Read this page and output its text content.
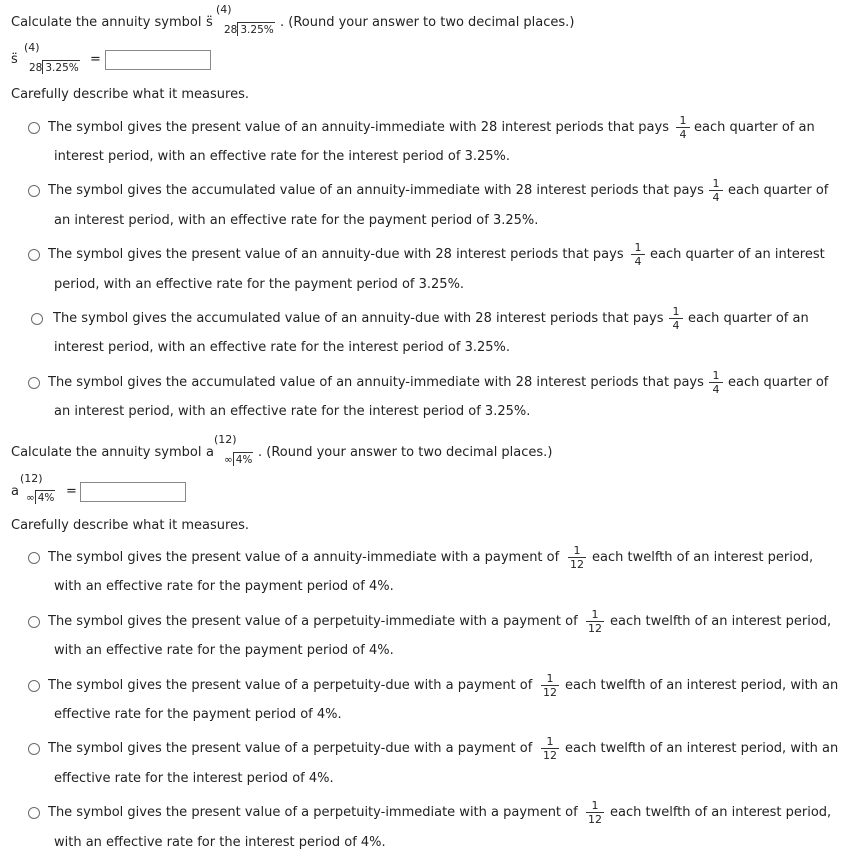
Calculate the annuity symbol s̈
(4)
28 3.25% . (Round your answer to two decimal places.)
(4)
s̈
28 3.25%
=
Carefully describe what it measures.
The symbol gives the present value of an annuity-immediate with 28 interest periods that pays 1
4 each quarter of an
interest period, with an effective rate for the interest period of 3.25%.
The symbol gives the accumulated value of an annuity-immediate with 28 interest periods that pays 1
4 each quarter of
an interest period, with an effective rate for the payment period of 3.25%.
The symbol gives the present value of an annuity-due with 28 interest periods that pays 1
4 each quarter of an interest
period, with an effective rate for the payment period of 3.25%.
The symbol gives the accumulated value of an annuity-due with 28 interest periods that pays 1
4 each quarter of an
interest period, with an effective rate for the interest period of 3.25%.
The symbol gives the accumulated value of an annuity-immediate with 28 interest periods that pays 1
4 each quarter of
an interest period, with an effective rate for the interest period of 3.25%.
Calculate the annuity symbol a
(12)
∞ 4% . (Round your answer to two decimal places.)
(12)
a ∞ 4% =
Carefully describe what it measures.
The symbol gives the present value of a annuity-immediate with a payment of	1
12 each twelfth of an interest period,
with an effective rate for the payment period of 4%.
The symbol gives the present value of a perpetuity-immediate with a payment of	1
12 each twelfth of an interest period,
with an effective rate for the payment period of 4%.
The symbol gives the present value of a perpetuity-due with a payment of	1
12 each twelfth of an interest period, with an
effective rate for the payment period of 4%.
The symbol gives the present value of a perpetuity-due with a payment of	1
12 each twelfth of an interest period, with an
effective rate for the interest period of 4%.
The symbol gives the present value of a perpetuity-immediate with a payment of	1
12 each twelfth of an interest period,
with an effective rate for the interest period of 4%.
